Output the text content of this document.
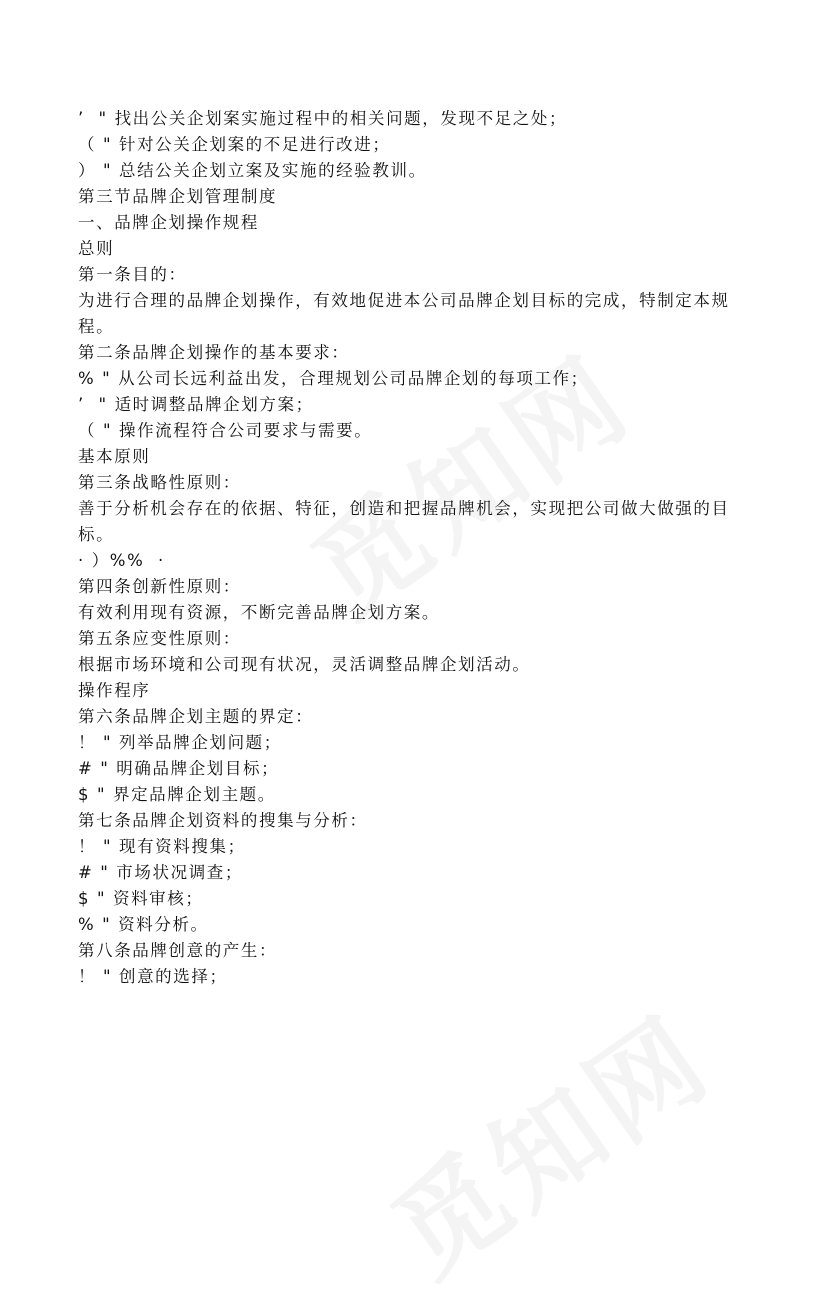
’  " 找出公关企划案实施过程中的相关问题，发现不足之处；

（ " 针对公关企划案的不足进行改进；

） " 总结公关企划立案及实施的经验教训。

第三节品牌企划管理制度

一、品牌企划操作规程

总则

第一条目的：

为进行合理的品牌企划操作，有效地促进本公司品牌企划目标的完成，特制定本规程。

第二条品牌企划操作的基本要求：

% " 从公司长远利益出发，合理规划公司品牌企划的每项工作；

’  " 适时调整品牌企划方案；

（ " 操作流程符合公司要求与需要。

基本原则

第三条战略性原则：

善于分析机会存在的依据、特征，创造和把握品牌机会，实现把公司做大做强的目标。

· ）%%  ·

第四条创新性原则：

有效利用现有资源，不断完善品牌企划方案。

第五条应变性原则：

根据市场环境和公司现有状况，灵活调整品牌企划活动。

操作程序

第六条品牌企划主题的界定：

！ " 列举品牌企划问题；

# " 明确品牌企划目标；

$ " 界定品牌企划主题。

第七条品牌企划资料的搜集与分析：

！ " 现有资料搜集；

# " 市场状况调查；

$ " 资料审核；

% " 资料分析。

第八条品牌创意的产生：

！ " 创意的选择；
